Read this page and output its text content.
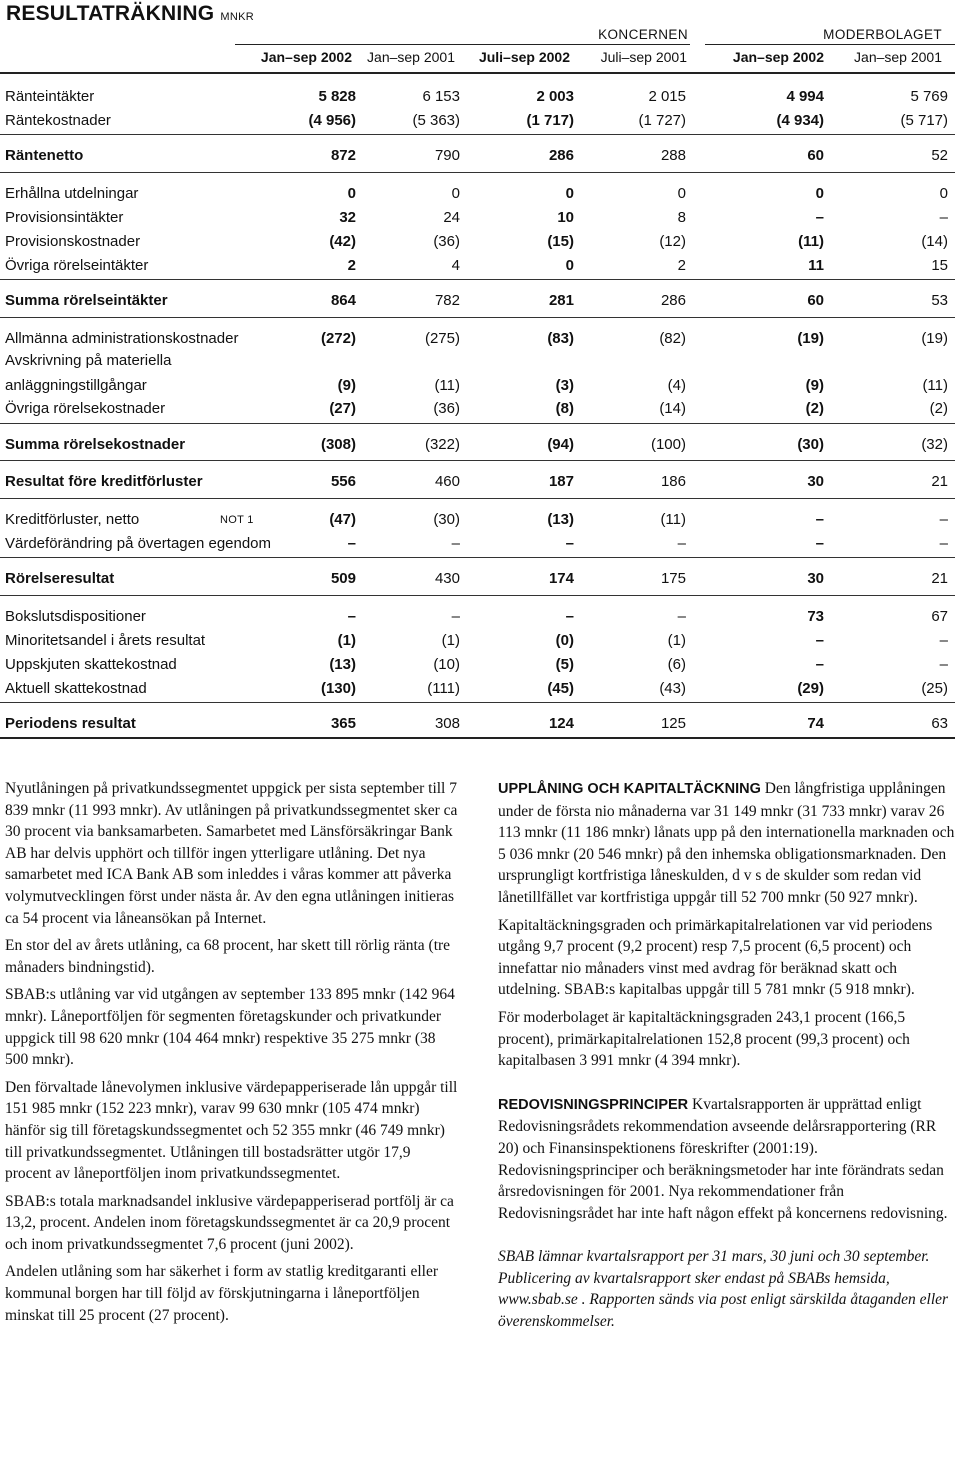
RESULTATRÄKNING MNKR
KONCERNEN	MODERBOLAGET
Jan–sep 2002	Jan–sep 2001	Juli–sep 2002	Juli–sep 2001	Jan–sep 2002	Jan–sep 2001
Ränteintäkter	5 828	6 153	2 003	2 015	4 994	5 769
Räntekostnader	(4 956)	(5 363)	(1 717)	(1 727)	(4 934)	(5 717)
Räntenetto	872	790	286	288	60	52
Erhållna utdelningar	0	0	0	0	0	0
Provisionsintäkter	32	24	10	8	–	–
Provisionskostnader	(42)	(36)	(15)	(12)	(11)	(14)
Övriga rörelseintäkter	2	4	0	2	11	15
Summa rörelseintäkter	864	782	281	286	60	53
Allmänna administrationskostnader	(272)	(275)	(83)	(82)	(19)	(19)
Avskrivning på materiella
anläggningstillgångar	(9)	(11)	(3)	(4)	(9)	(11)
Övriga rörelsekostnader	(27)	(36)	(8)	(14)	(2)	(2)
Summa rörelsekostnader	(308)	(322)	(94)	(100)	(30)	(32)
Resultat före kreditförluster	556	460	187	186	30	21
Kreditförluster, netto	NOT 1	(47)	(30)	(13)	(11)	–	–
Värdeförändring på övertagen egendom	–	–	–	–	–	–
Rörelseresultat	509	430	174	175	30	21
Bokslutsdispositioner	–	–	–	–	73	67
Minoritetsandel i årets resultat	(1)	(1)	(0)	(1)	–	–
Uppskjuten skattekostnad	(13)	(10)	(5)	(6)	–	–
Aktuell skattekostnad	(130)	(111)	(45)	(43)	(29)	(25)
Periodens resultat	365	308	124	125	74	63

Nyutlåningen på privatkundssegmentet uppgick per sista september till 7 839 mnkr (11 993 mnkr). Av utlåningen på privatkundssegmentet sker ca 30 procent via banksamarbeten. Samarbetet med Länsförsäkringar Bank AB har delvis upphört och tillför ingen ytterligare utlåning. Det nya samarbetet med ICA Bank AB som inleddes i våras kommer att påverka volymutvecklingen först under nästa år. Av den egna utlåningen initieras ca 54 procent via låneansökan på Internet.

En stor del av årets utlåning, ca 68 procent, har skett till rörlig ränta (tre månaders bindningstid).

SBAB:s utlåning var vid utgången av september 133 895 mnkr (142 964 mnkr). Låneportföljen för segmenten företagskunder och privatkunder uppgick till 98 620 mnkr (104 464 mnkr) respektive 35 275 mnkr (38 500 mnkr).

Den förvaltade lånevolymen inklusive värdepapperiserade lån uppgår till 151 985 mnkr (152 223 mnkr), varav 99 630 mnkr (105 474 mnkr) hänför sig till företagskundssegmentet och 52 355 mnkr (46 749 mnkr) till privatkundssegmentet. Utlåningen till bostadsrätter utgör 17,9 procent av låneportföljen inom privatkundssegmentet.

SBAB:s totala marknadsandel inklusive värdepapperiserad portfölj är ca 13,2, procent. Andelen inom företagskundssegmentet är ca 20,9 procent och inom privatkundssegmentet 7,6 procent (juni 2002).

Andelen utlåning som har säkerhet i form av statlig kreditgaranti eller kommunal borgen har till följd av förskjutningarna i låneportföljen minskat till 25 procent (27 procent).

UPPLÅNING OCH KAPITALTÄCKNING Den långfristiga upplåningen under de första nio månaderna var 31 149 mnkr (31 733 mnkr) varav 26 113 mnkr (11 186 mnkr) lånats upp på den internationella marknaden och 5 036 mnkr (20 546 mnkr) på den inhemska obligationsmarknaden. Den ursprungligt kortfristiga låneskulden, d v s de skulder som redan vid lånetillfället var kortfristiga uppgår till 52 700 mnkr (50 927 mnkr).

Kapitaltäckningsgraden och primärkapitalrelationen var vid periodens utgång 9,7 procent (9,2 procent) resp 7,5 procent (6,5 procent) och innefattar nio månaders vinst med avdrag för beräknad skatt och utdelning. SBAB:s kapitalbas uppgår till 5 781 mnkr (5 918 mnkr).

För moderbolaget är kapitaltäckningsgraden 243,1 procent (166,5 procent), primärkapitalrelationen 152,8 procent (99,3 procent) och kapitalbasen 3 991 mnkr (4 394 mnkr).

REDOVISNINGSPRINCIPER Kvartalsrapporten är upprättad enligt Redovisningsrådets rekommendation avseende delårsrapportering (RR 20) och Finansinspektionens föreskrifter (2001:19). Redovisningsprinciper och beräkningsmetoder har inte förändrats sedan årsredovisningen för 2001. Nya rekommendationer från Redovisningsrådet har inte haft någon effekt på koncernens redovisning.

SBAB lämnar kvartalsrapport per 31 mars, 30 juni och 30 september. Publicering av kvartalsrapport sker endast på SBABs hemsida, www.sbab.se . Rapporten sänds via post enligt särskilda åtaganden eller överenskommelser.
